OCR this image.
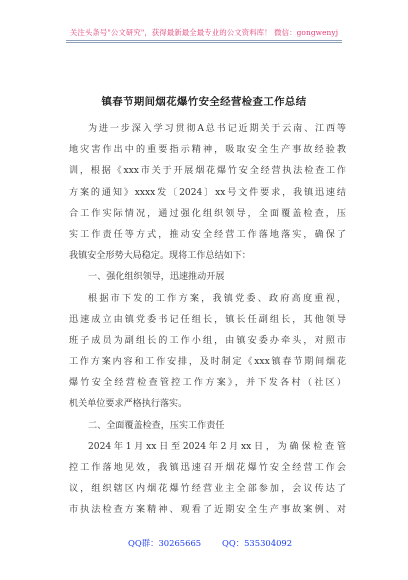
关注头条号"公文研究"，获得最新最全最专业的公文资料库！ 微信：gongwenyj
镇春节期间烟花爆竹安全经营检查工作总结
为进一步深入学习贯彻A总书记近期关于云南、江西等
地灾害作出中的重要指示精神，吸取安全生产事故经验教
训，根据《xxx市关于开展烟花爆竹安全经营执法检查工作
方案的通知》xxxx发〔2024〕xx号文件要求，我镇迅速结
合工作实际情况，通过强化组织领导，全面覆盖检查，压
实工作责任等方式，推动安全经营工作落地落实，确保了
我镇安全形势大局稳定。现将工作总结如下：
一、强化组织领导，迅速推动开展
根据市下发的工作方案，我镇党委、政府高度重视，
迅速成立由镇党委书记任组长，镇长任副组长，其他领导
班子成员为副组长的工作小组，由镇安委办牵头，对照市
工作方案内容和工作安排，及时制定《xxx镇春节期间烟花
爆竹安全经营检查管控工作方案》，并下发各村（社区）
机关单位要求严格执行落实。
二、全面覆盖检查，压实工作责任
2024年1月xx日至2024年2月xx日，为确保检查管
控工作落地见效，我镇迅速召开烟花爆竹安全经营工作会
议，组织辖区内烟花爆竹经营业主全部参加，会议传达了
市执法检查方案精神、观看了近期安全生产事故案例、对
QQ群：30265665 QQ：535304092
